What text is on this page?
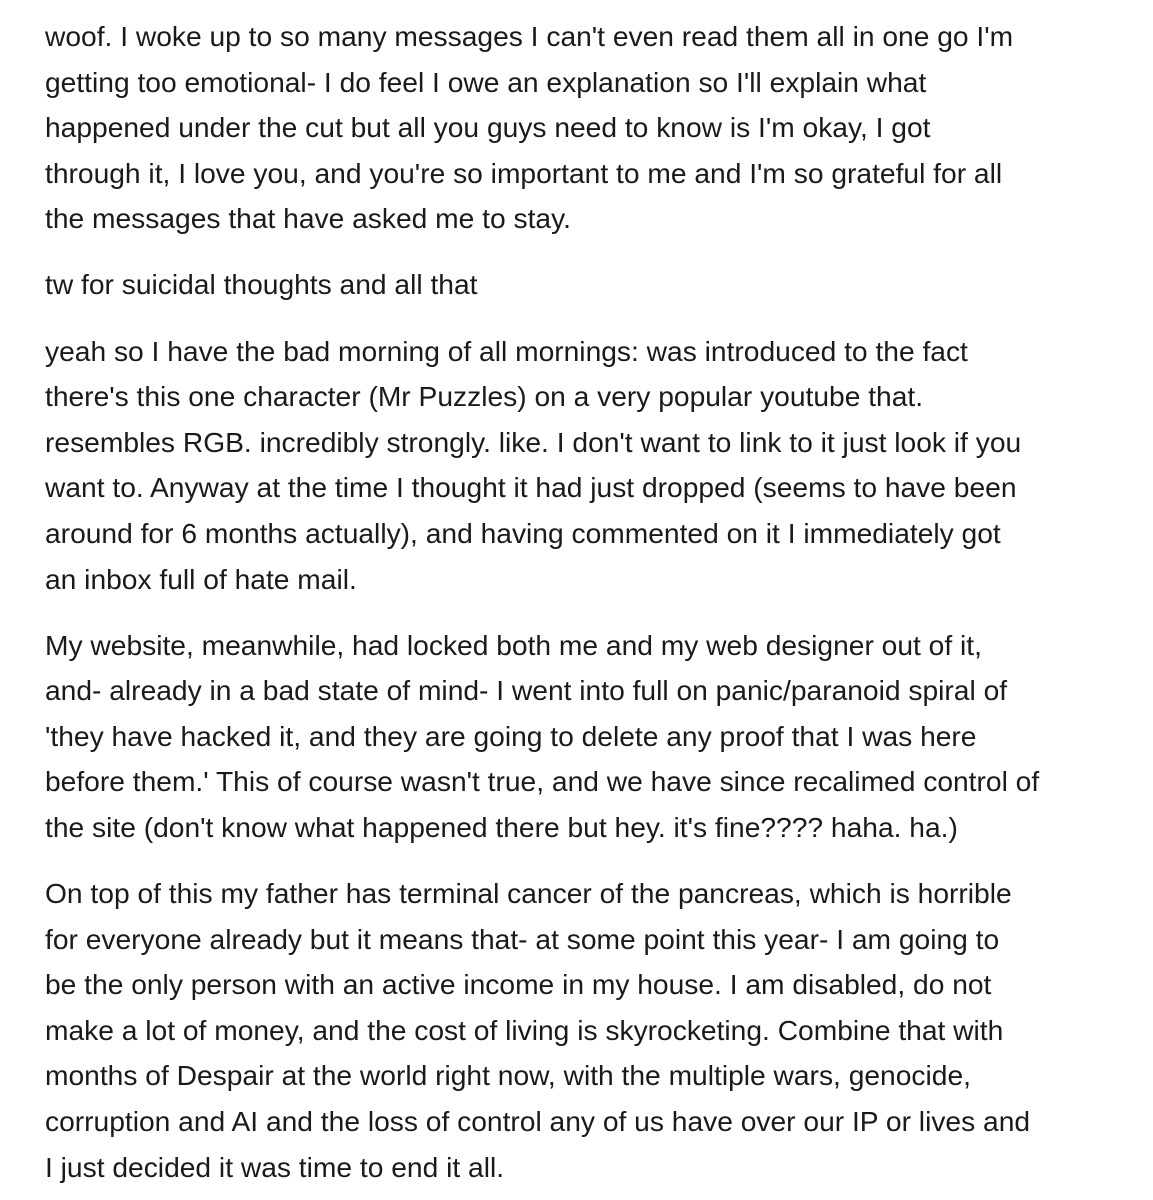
woof. I woke up to so many messages I can't even read them all in one go I'm
getting too emotional- I do feel I owe an explanation so I'll explain what
happened under the cut but all you guys need to know is I'm okay, I got
through it, I love you, and you're so important to me and I'm so grateful for all
the messages that have asked me to stay.

tw for suicidal thoughts and all that

yeah so I have the bad morning of all mornings: was introduced to the fact
there's this one character (Mr Puzzles) on a very popular youtube that.
resembles RGB. incredibly strongly. like. I don't want to link to it just look if you
want to. Anyway at the time I thought it had just dropped (seems to have been
around for 6 months actually), and having commented on it I immediately got
an inbox full of hate mail.

My website, meanwhile, had locked both me and my web designer out of it,
and- already in a bad state of mind- I went into full on panic/paranoid spiral of
'they have hacked it, and they are going to delete any proof that I was here
before them.' This of course wasn't true, and we have since recalimed control of
the site (don't know what happened there but hey. it's fine???? haha. ha.)

On top of this my father has terminal cancer of the pancreas, which is horrible
for everyone already but it means that- at some point this year- I am going to
be the only person with an active income in my house. I am disabled, do not
make a lot of money, and the cost of living is skyrocketing. Combine that with
months of Despair at the world right now, with the multiple wars, genocide,
corruption and AI and the loss of control any of us have over our IP or lives and
I just decided it was time to end it all.
